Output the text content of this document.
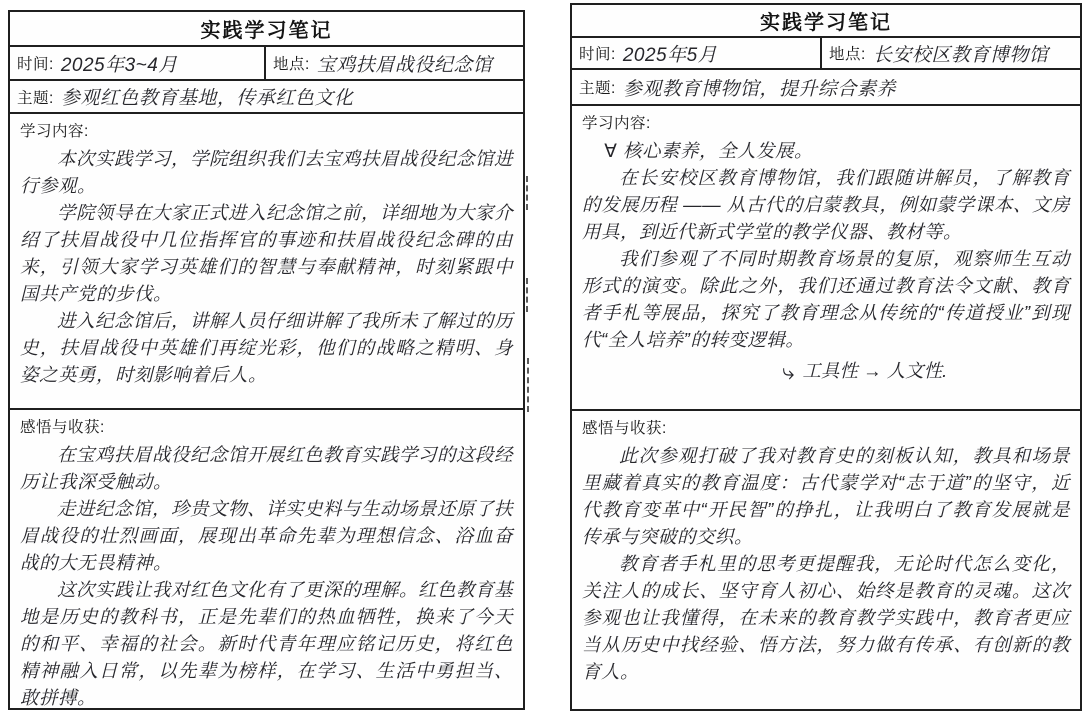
实践学习笔记
时间: 2025年3~4月	地点: 宝鸡扶眉战役纪念馆
主题: 参观红色教育基地，传承红色文化
学习内容:

本次实践学习，学院组织我们去宝鸡扶眉战役纪念馆进行参观。

学院领导在大家正式进入纪念馆之前，详细地为大家介绍了扶眉战役中几位指挥官的事迹和扶眉战役纪念碑的由来，引领大家学习英雄们的智慧与奉献精神，时刻紧跟中国共产党的步伐。

进入纪念馆后，讲解人员仔细讲解了我所未了解过的历史，扶眉战役中英雄们再绽光彩，他们的战略之精明、身姿之英勇，时刻影响着后人。

感悟与收获:

在宝鸡扶眉战役纪念馆开展红色教育实践学习的这段经历让我深受触动。

走进纪念馆，珍贵文物、详实史料与生动场景还原了扶眉战役的壮烈画面，展现出革命先辈为理想信念、浴血奋战的大无畏精神。

这次实践让我对红色文化有了更深的理解。红色教育基地是历史的教科书，正是先辈们的热血牺牲，换来了今天的和平、幸福的社会。新时代青年理应铭记历史，将红色精神融入日常，以先辈为榜样，在学习、生活中勇担当、敢拼搏。

实践学习笔记
时间: 2025年5月	地点: 长安校区教育博物馆
主题: 参观教育博物馆，提升综合素养
学习内容:

∀ 核心素养，全人发展。

在长安校区教育博物馆，我们跟随讲解员，了解教育的发展历程 —— 从古代的启蒙教具，例如蒙学课本、文房用具，到近代新式学堂的教学仪器、教材等。

我们参观了不同时期教育场景的复原，观察师生互动形式的演变。除此之外，我们还通过教育法令文献、教育者手札等展品，探究了教育理念从传统的“传道授业”到现代“全人培养”的转变逻辑。

⤷ 工具性 → 人文性.
感悟与收获:

此次参观打破了我对教育史的刻板认知，教具和场景里藏着真实的教育温度：古代蒙学对“志于道”的坚守，近代教育变革中“开民智”的挣扎，让我明白了教育发展就是传承与突破的交织。

教育者手札里的思考更提醒我，无论时代怎么变化，关注人的成长、坚守育人初心、始终是教育的灵魂。这次参观也让我懂得，在未来的教育教学实践中，教育者更应当从历史中找经验、悟方法，努力做有传承、有创新的教育人。
